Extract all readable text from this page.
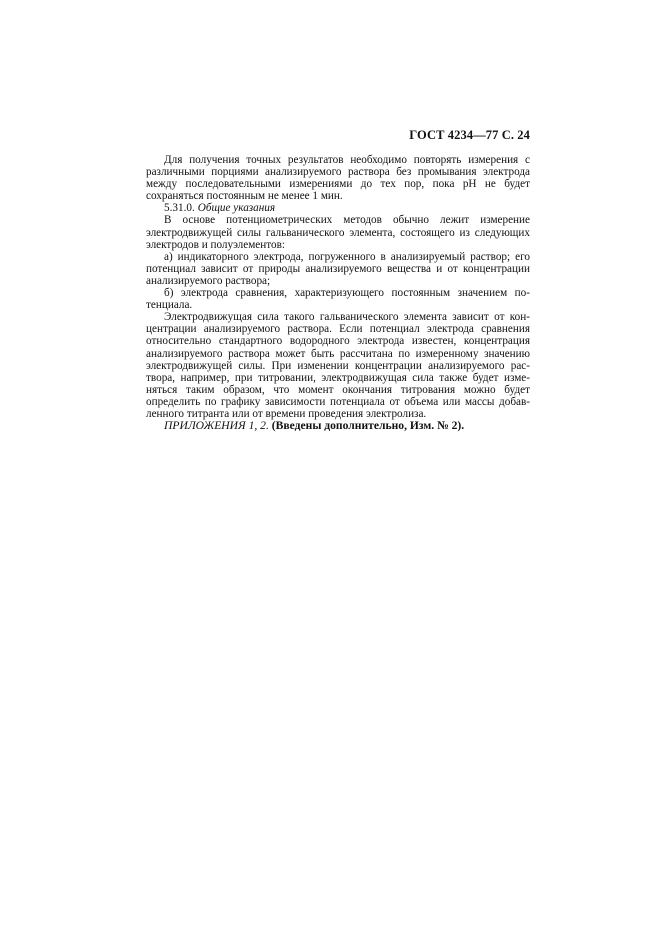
ГОСТ 4234—77 С. 24

Для получения точных результатов необходимо повторять измерения с различными порциями анализируемого раствора без промывания электрода между последовательными измерениями до тех пор, пока pH не будет сохраняться постоянным не менее 1 мин.

5.31.0. Общие указания

В основе потенциометрических методов обычно лежит измерение электродвижущей силы гальванического элемента, состоящего из следующих электродов и полуэлементов:

а) индикаторного электрода, погруженного в анализируемый раствор; его потенциал зависит от природы анализируемого вещества и от концентрации анализируемого раствора;

б) электрода сравнения, характеризующего постоянным значением потенциала.

Электродвижущая сила такого гальванического элемента зависит от концентрации анализируемого раствора. Если потенциал электрода сравнения относительно стандартного водородного электрода известен, концентрация анализируемого раствора может быть рассчитана по измеренному значению электродвижущей силы. При изменении концентрации анализируемого раствора, например, при титровании, электродвижущая сила также будет изменяться таким образом, что момент окончания титрования можно будет определить по графику зависимости потенциала от объема или массы добавленного титранта или от времени проведения электролиза.

ПРИЛОЖЕНИЯ 1, 2. (Введены дополнительно, Изм. № 2).
